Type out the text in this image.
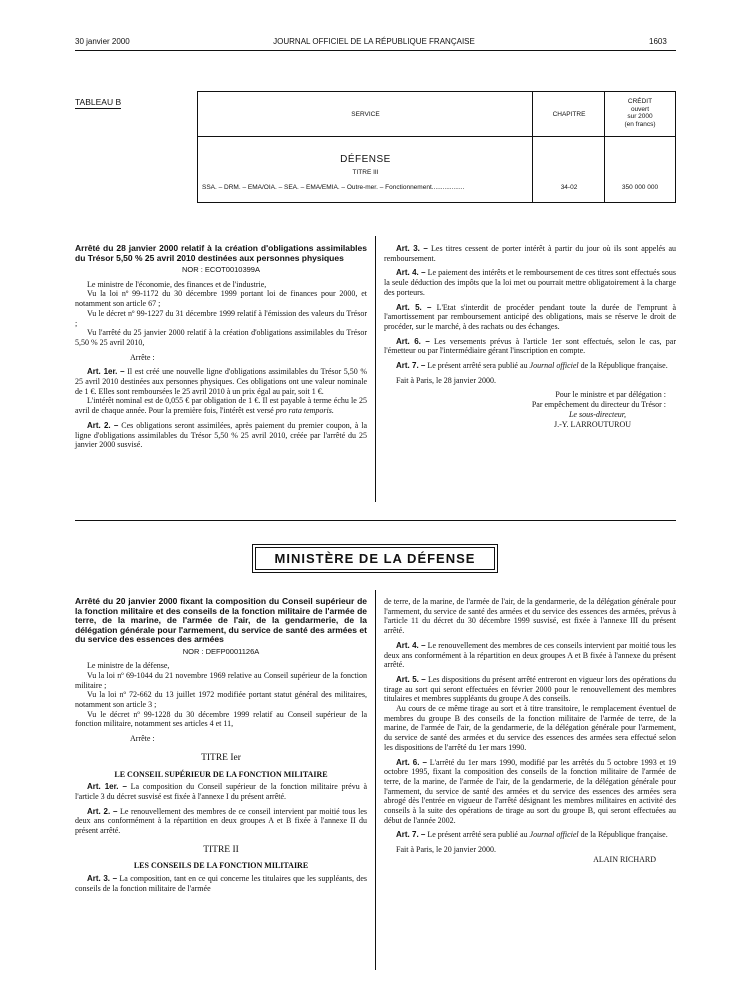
30 janvier 2000	JOURNAL OFFICIEL DE LA RÉPUBLIQUE FRANÇAISE	1603
TABLEAU B
SERVICE	CHAPITRE
CRÉDIT
ouvert
sur 2000
(en francs)
DÉFENSE
TITRE III
SSA. – DRM. – EMA/OIA. – SEA. – EMA/EMIA. – Outre-mer. – Fonctionnement..................	34-02	350 000 000

Arrêté du 28 janvier 2000 relatif à la création d'obligations assimilables du Trésor 5,50 % 25 avril 2010 destinées aux personnes physiques

NOR : ECOT0010399A

Le ministre de l'économie, des finances et de l'industrie,

Vu la loi nº 99-1172 du 30 décembre 1999 portant loi de finances pour 2000, et notamment son article 67 ;

Vu le décret nº 99-1227 du 31 décembre 1999 relatif à l'émission des valeurs du Trésor ;

Vu l'arrêté du 25 janvier 2000 relatif à la création d'obligations assimilables du Trésor 5,50 % 25 avril 2010,

Arrête :

Art. 1er. – Il est créé une nouvelle ligne d'obligations assimilables du Trésor 5,50 % 25 avril 2010 destinées aux personnes physiques. Ces obligations ont une valeur nominale de 1 €. Elles sont remboursées le 25 avril 2010 à un prix égal au pair, soit 1 €.

L'intérêt nominal est de 0,055 € par obligation de 1 €. Il est payable à terme échu le 25 avril de chaque année. Pour la première fois, l'intérêt est versé pro rata temporis.

Art. 2. – Ces obligations seront assimilées, après paiement du premier coupon, à la ligne d'obligations assimilables du Trésor 5,50 % 25 avril 2010, créée par l'arrêté du 25 janvier 2000 susvisé.

Art. 3. – Les titres cessent de porter intérêt à partir du jour où ils sont appelés au remboursement.

Art. 4. – Le paiement des intérêts et le remboursement de ces titres sont effectués sous la seule déduction des impôts que la loi met ou pourrait mettre obligatoirement à la charge des porteurs.

Art. 5. – L'Etat s'interdit de procéder pendant toute la durée de l'emprunt à l'amortissement par remboursement anticipé des obligations, mais se réserve le droit de procéder, sur le marché, à des rachats ou des échanges.

Art. 6. – Les versements prévus à l'article 1er sont effectués, selon le cas, par l'émetteur ou par l'intermédiaire gérant l'inscription en compte.

Art. 7. – Le présent arrêté sera publié au Journal officiel de la République française.

Fait à Paris, le 28 janvier 2000.

Pour le ministre et par délégation :

Par empêchement du directeur du Trésor :

Le sous-directeur,

J.-Y. LARROUTUROU

MINISTÈRE DE LA DÉFENSE

Arrêté du 20 janvier 2000 fixant la composition du Conseil supérieur de la fonction militaire et des conseils de la fonction militaire de l'armée de terre, de la marine, de l'armée de l'air, de la gendarmerie, de la délégation générale pour l'armement, du service de santé des armées et du service des essences des armées

NOR : DEFP0001126A

Le ministre de la défense,

Vu la loi nº 69-1044 du 21 novembre 1969 relative au Conseil supérieur de la fonction militaire ;

Vu la loi nº 72-662 du 13 juillet 1972 modifiée portant statut général des militaires, notamment son article 3 ;

Vu le décret nº 99-1228 du 30 décembre 1999 relatif au Conseil supérieur de la fonction militaire, notamment ses articles 4 et 11,

Arrête :

TITRE Ier

LE CONSEIL SUPÉRIEUR DE LA FONCTION MILITAIRE

Art. 1er. – La composition du Conseil supérieur de la fonction militaire prévu à l'article 3 du décret susvisé est fixée à l'annexe I du présent arrêté.

Art. 2. – Le renouvellement des membres de ce conseil intervient par moitié tous les deux ans conformément à la répartition en deux groupes A et B fixée à l'annexe II du présent arrêté.

TITRE II

LES CONSEILS DE LA FONCTION MILITAIRE

Art. 3. – La composition, tant en ce qui concerne les titulaires que les suppléants, des conseils de la fonction militaire de l'armée

de terre, de la marine, de l'armée de l'air, de la gendarmerie, de la délégation générale pour l'armement, du service de santé des armées et du service des essences des armées, prévus à l'article 11 du décret du 30 décembre 1999 susvisé, est fixée à l'annexe III du présent arrêté.

Art. 4. – Le renouvellement des membres de ces conseils intervient par moitié tous les deux ans conformément à la répartition en deux groupes A et B fixée à l'annexe du présent arrêté.

Art. 5. – Les dispositions du présent arrêté entreront en vigueur lors des opérations du tirage au sort qui seront effectuées en février 2000 pour le renouvellement des membres titulaires et membres suppléants du groupe A des conseils.

Au cours de ce même tirage au sort et à titre transitoire, le remplacement éventuel de membres du groupe B des conseils de la fonction militaire de l'armée de terre, de la marine, de l'armée de l'air, de la gendarmerie, de la délégation générale pour l'armement, du service de santé des armées et du service des essences des armées sera effectué selon les dispositions de l'arrêté du 1er mars 1990.

Art. 6. – L'arrêté du 1er mars 1990, modifié par les arrêtés du 5 octobre 1993 et 19 octobre 1995, fixant la composition des conseils de la fonction militaire de l'armée de terre, de la marine, de l'armée de l'air, de la gendarmerie, de la délégation générale pour l'armement, du service de santé des armées et du service des essences des armées sera abrogé dès l'entrée en vigueur de l'arrêté désignant les membres militaires en activité des conseils à la suite des opérations de tirage au sort du groupe B, qui seront effectuées au début de l'année 2002.

Art. 7. – Le présent arrêté sera publié au Journal officiel de la République française.

Fait à Paris, le 20 janvier 2000.

ALAIN RICHARD
